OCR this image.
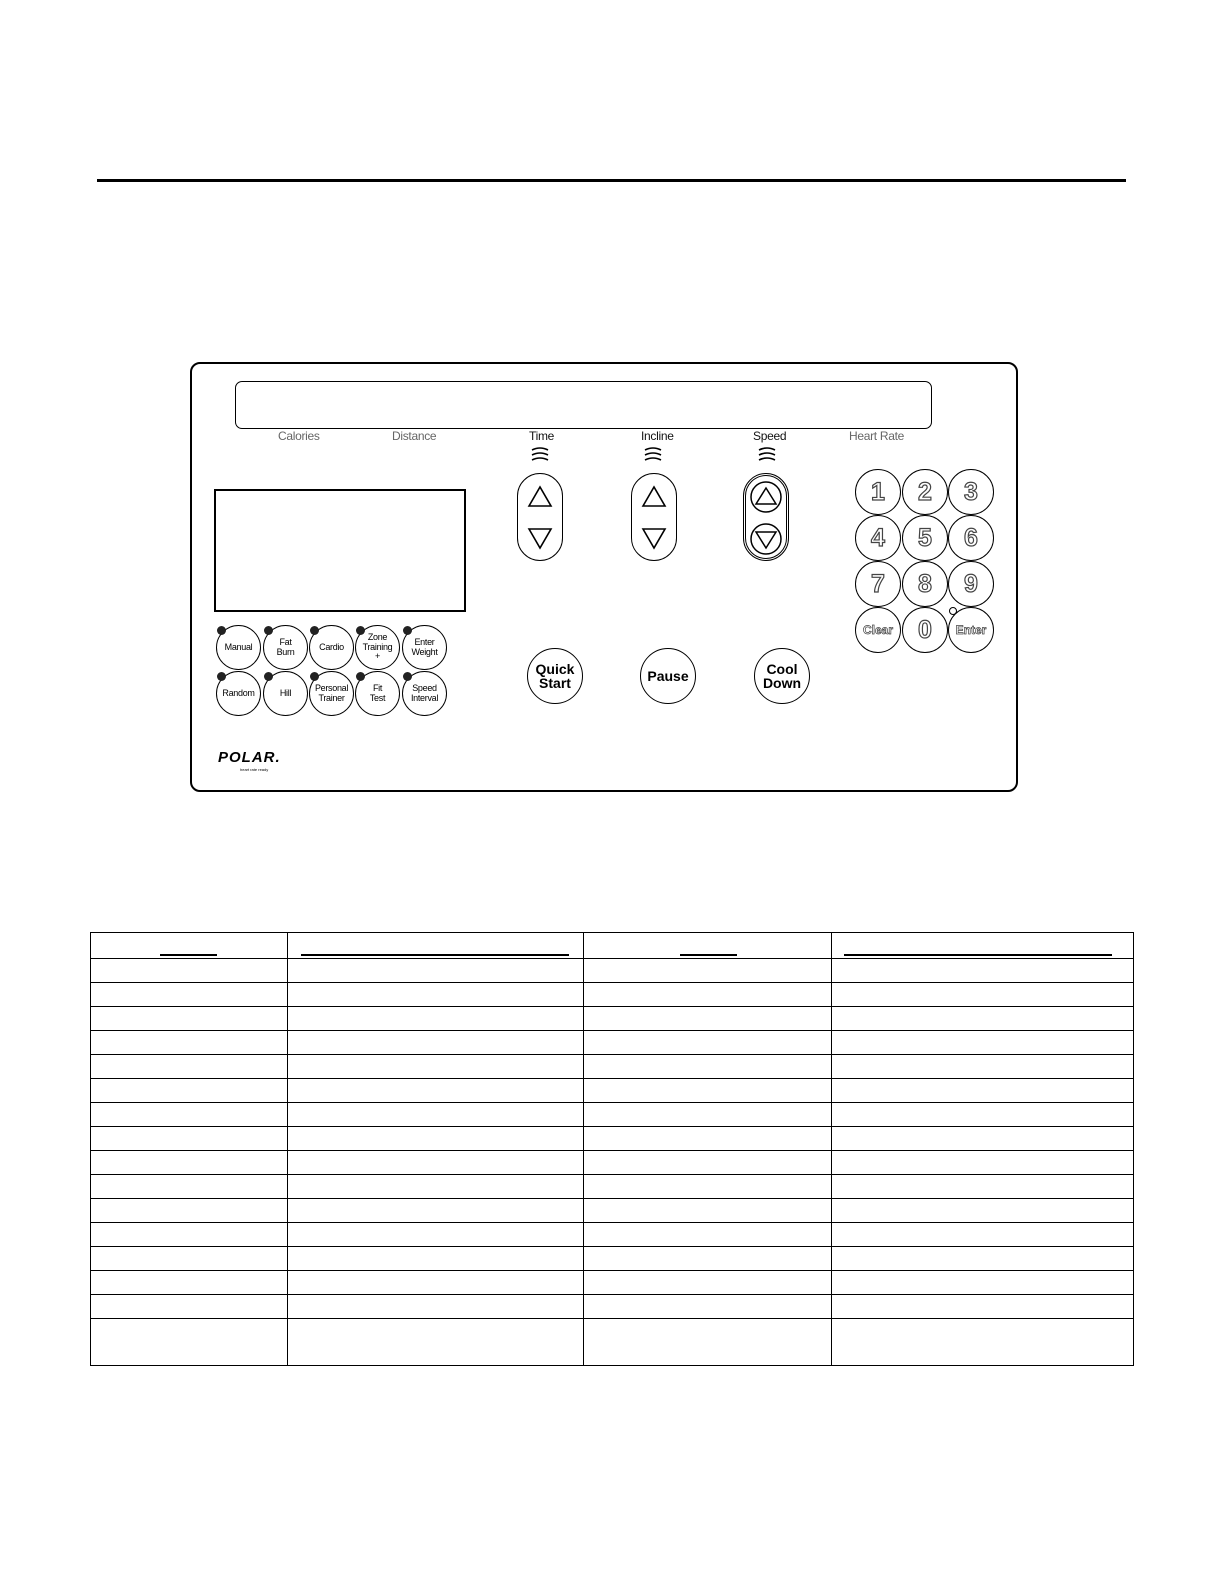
Calories	Distance	Time	Incline	Speed	Heart Rate
Manual	Fat
Burn	Cardio
Zone
Training
+
Enter
Weight
Random	Hill	Personal
Trainer
Fit
Test
Speed
Interval
Quick
Start	Pause	Cool
Down
1	2	3
4	5	6
7	8	9
Clear	0	Enter
POLAR.
heart rate ready
